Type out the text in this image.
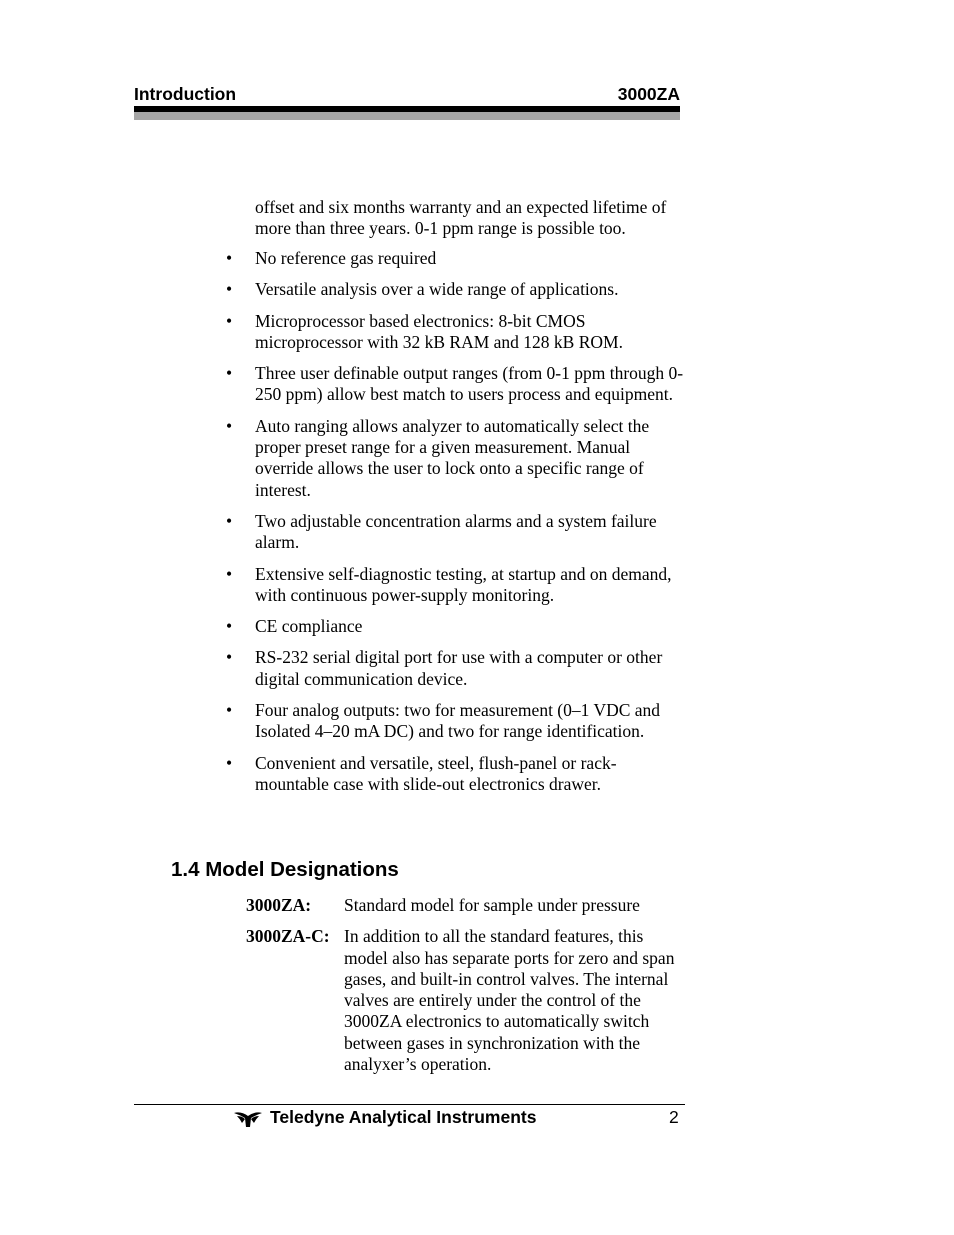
Introduction	3000ZA
offset and six months warranty and an expected lifetime of more than three years. 0-1 ppm range is possible too.
•	No reference gas required
•	Versatile analysis over a wide range of applications.
•	Microprocessor based electronics: 8-bit CMOS microprocessor with 32 kB RAM and 128 kB ROM.
•	Three user definable output ranges (from 0-1 ppm through 0-250 ppm) allow best match to users process and equipment.
•	Auto ranging allows analyzer to automatically select the proper preset range for a given measurement. Manual override allows the user to lock onto a specific range of interest.
•	Two adjustable concentration alarms and a system failure alarm.
•	Extensive self-diagnostic testing, at startup and on demand, with continuous power-supply monitoring.
•	CE compliance
•	RS-232 serial digital port for use with a computer or other digital communication device.
•	Four analog outputs: two for measurement (0–1 VDC and Isolated 4–20 mA DC) and two for range identification.
•	Convenient and versatile, steel, flush-panel or rack-mountable case with slide-out electronics drawer.
1.4 Model Designations
3000ZA: Standard model for sample under pressure
3000ZA-C: In addition to all the standard features, this model also has separate ports for zero and span gases, and built-in control valves. The internal valves are entirely under the control of the 3000ZA electronics to automatically switch between gases in synchronization with the analyxer’s operation.
Teledyne Analytical Instruments	2
